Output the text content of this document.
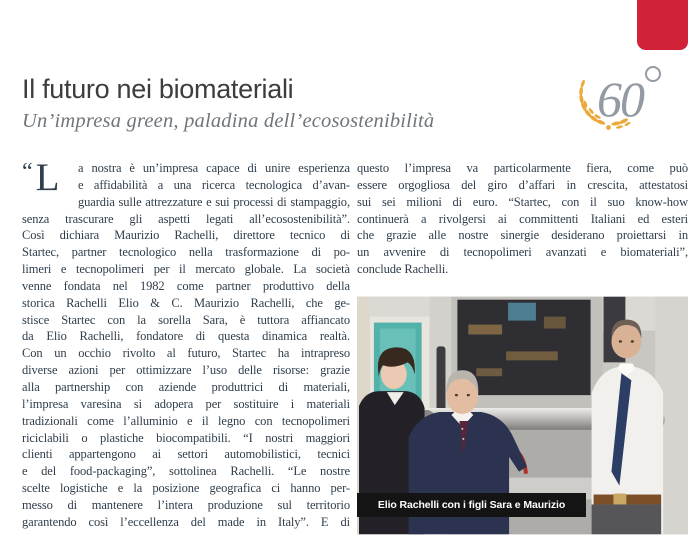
Il futuro nei biomateriali
Un’impresa green, paladina dell’ecosostenibilità	60
“ L	a nostra è un’impresa capace di unire esperienza
e affidabilità a una ricerca tecnologica d’avan-
guardia sulle attrezzature e sui processi di stampaggio,
senza trascurare gli aspetti legati all’ecosostenibilità”.
Così dichiara Maurizio Rachelli, direttore tecnico di
Startec, partner tecnologico nella trasformazione di po-
limeri e tecnopolimeri per il mercato globale. La società
venne fondata nel 1982 come partner produttivo della
storica Rachelli Elio & C. Maurizio Rachelli, che ge-
stisce Startec con la sorella Sara, è tuttora affiancato
da Elio Rachelli, fondatore di questa dinamica realtà.
Con un occhio rivolto al futuro, Startec ha intrapreso
diverse azioni per ottimizzare l’uso delle risorse: grazie
alla partnership con aziende produttrici di materiali,
l’impresa varesina si adopera per sostituire i materiali
tradizionali come l’alluminio e il legno con tecnopolimeri
riciclabili o plastiche biocompatibili. “I nostri maggiori
clienti appartengono ai settori automobilistici, tecnici
e del food-packaging”, sottolinea Rachelli. “Le nostre
scelte logistiche e la posizione geografica ci hanno per-
messo di mantenere l’intera produzione sul territorio
garantendo così l’eccellenza del made in Italy”. E di
questo l’impresa va particolarmente fiera, come può
essere orgogliosa del giro d’affari in crescita, attestatosi
sui sei milioni di euro. “Startec, con il suo know-how
continuerà a rivolgersi ai committenti Italiani ed esteri
che grazie alle nostre sinergie desiderano proiettarsi in
un avvenire di tecnopolimeri avanzati e biomateriali”,
conclude Rachelli.
Elio Rachelli con i figli Sara e Maurizio
